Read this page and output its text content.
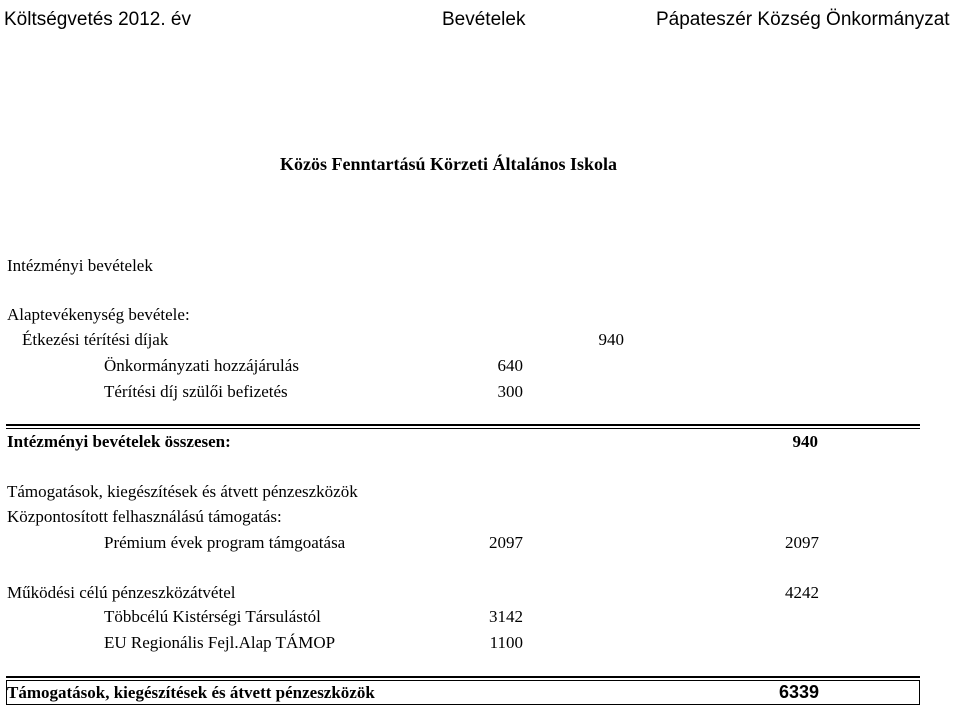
Költségvetés 2012. év	Bevételek	Pápateszér Község Önkormányzat
Közös Fenntartású Körzeti Általános Iskola
Intézményi bevételek
Alaptevékenység bevétele:
Étkezési térítési díjak	940
Önkormányzati hozzájárulás	640
Térítési díj szülői befizetés	300
Intézményi bevételek összesen:	940
Támogatások, kiegészítések és átvett pénzeszközök
Központosított felhasználású támogatás:
Prémium évek program támgoatása	2097	2097
Működési célú pénzeszközátvétel	4242
Többcélú Kistérségi Társulástól	3142
EU Regionális Fejl.Alap TÁMOP	1100
Támogatások, kiegészítések és átvett pénzeszközök	6339
